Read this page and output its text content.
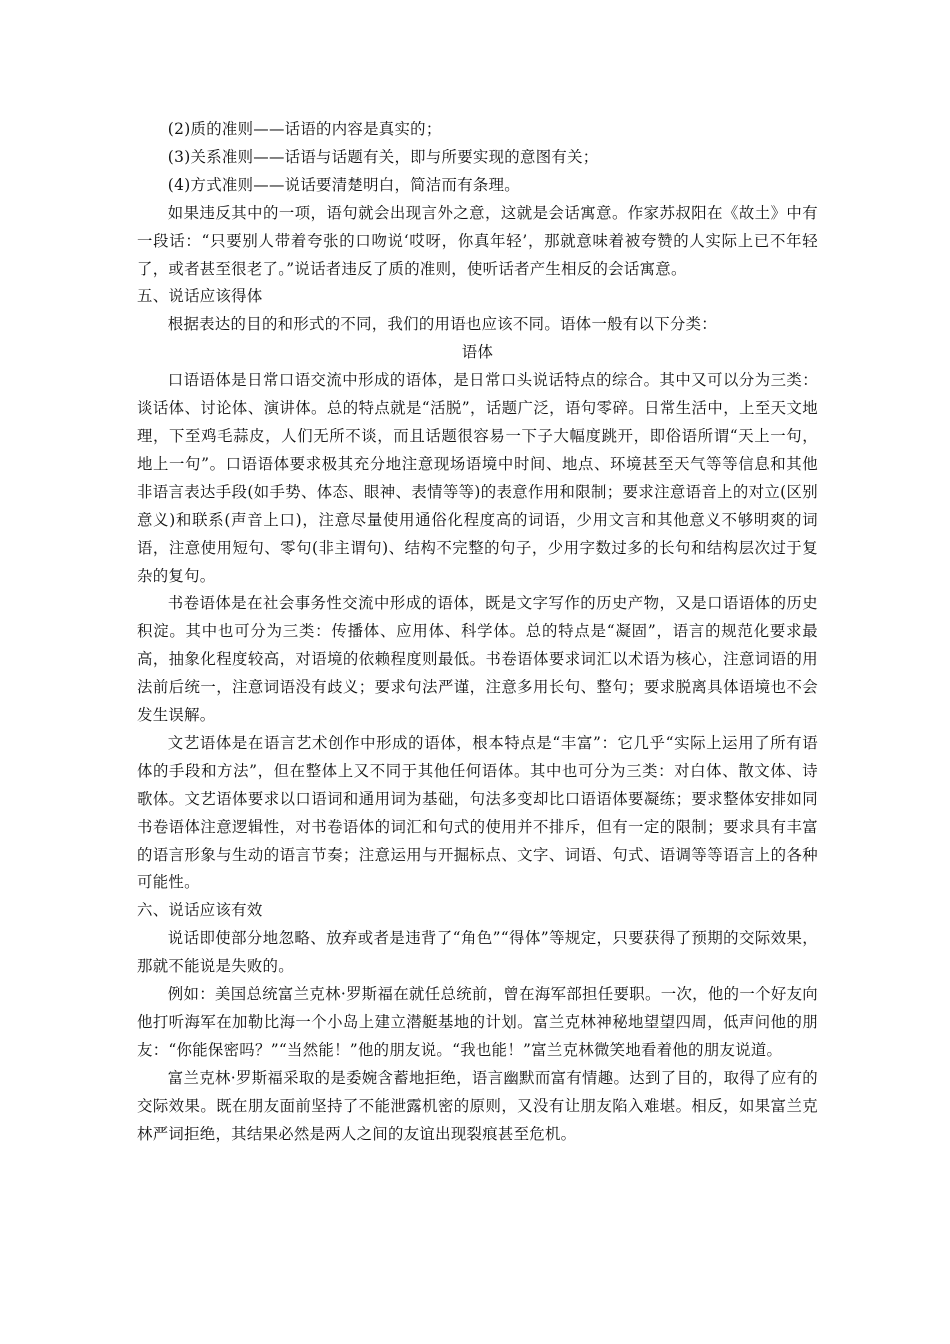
(2)质的准则——话语的内容是真实的；

(3)关系准则——话语与话题有关，即与所要实现的意图有关；

(4)方式准则——说话要清楚明白，简洁而有条理。

如果违反其中的一项，语句就会出现言外之意，这就是会话寓意。作家苏叔阳在《故土》中有一段话：“只要别人带着夸张的口吻说‘哎呀，你真年轻’，那就意味着被夸赞的人实际上已不年轻了，或者甚至很老了。”说话者违反了质的准则，使听话者产生相反的会话寓意。

五、说话应该得体

根据表达的目的和形式的不同，我们的用语也应该不同。语体一般有以下分类：

语体

口语语体是日常口语交流中形成的语体，是日常口头说话特点的综合。其中又可以分为三类：谈话体、讨论体、演讲体。总的特点就是“活脱”，话题广泛，语句零碎。日常生活中，上至天文地理，下至鸡毛蒜皮，人们无所不谈，而且话题很容易一下子大幅度跳开，即俗语所谓“天上一句，地上一句”。口语语体要求极其充分地注意现场语境中时间、地点、环境甚至天气等等信息和其他非语言表达手段(如手势、体态、眼神、表情等等)的表意作用和限制；要求注意语音上的对立(区别意义)和联系(声音上口)，注意尽量使用通俗化程度高的词语，少用文言和其他意义不够明爽的词语，注意使用短句、零句(非主谓句)、结构不完整的句子，少用字数过多的长句和结构层次过于复杂的复句。

书卷语体是在社会事务性交流中形成的语体，既是文字写作的历史产物，又是口语语体的历史积淀。其中也可分为三类：传播体、应用体、科学体。总的特点是“凝固”，语言的规范化要求最高，抽象化程度较高，对语境的依赖程度则最低。书卷语体要求词汇以术语为核心，注意词语的用法前后统一，注意词语没有歧义；要求句法严谨，注意多用长句、整句；要求脱离具体语境也不会发生误解。

文艺语体是在语言艺术创作中形成的语体，根本特点是“丰富”：它几乎“实际上运用了所有语体的手段和方法”，但在整体上又不同于其他任何语体。其中也可分为三类：对白体、散文体、诗歌体。文艺语体要求以口语词和通用词为基础，句法多变却比口语语体要凝练；要求整体安排如同书卷语体注意逻辑性，对书卷语体的词汇和句式的使用并不排斥，但有一定的限制；要求具有丰富的语言形象与生动的语言节奏；注意运用与开掘标点、文字、词语、句式、语调等等语言上的各种可能性。

六、说话应该有效

说话即使部分地忽略、放弃或者是违背了“角色”“得体”等规定，只要获得了预期的交际效果，那就不能说是失败的。

例如：美国总统富兰克林·罗斯福在就任总统前，曾在海军部担任要职。一次，他的一个好友向他打听海军在加勒比海一个小岛上建立潜艇基地的计划。富兰克林神秘地望望四周，低声问他的朋友：“你能保密吗？”“当然能！”他的朋友说。“我也能！”富兰克林微笑地看着他的朋友说道。

富兰克林·罗斯福采取的是委婉含蓄地拒绝，语言幽默而富有情趣。达到了目的，取得了应有的交际效果。既在朋友面前坚持了不能泄露机密的原则，又没有让朋友陷入难堪。相反，如果富兰克林严词拒绝，其结果必然是两人之间的友谊出现裂痕甚至危机。
